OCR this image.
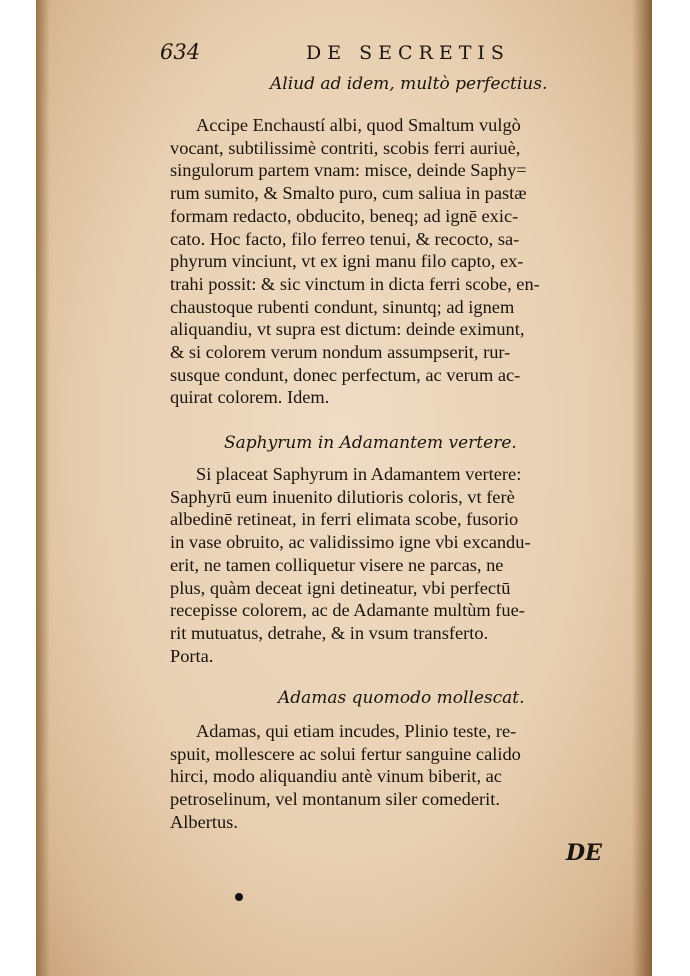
634	DE SECRETIS
Aliud ad idem, multò perfectius.
Accipe Enchaustí albi, quod Smaltum vulgò
vocant, subtilissimè contriti, scobis ferri auriuè,
singulorum partem vnam: misce, deinde Saphy=
rum sumito, & Smalto puro, cum saliua in pastæ
formam redacto, obducito, beneq; ad ignē exic-
cato. Hoc facto, filo ferreo tenui, & recocto, sa-
phyrum vinciunt, vt ex igni manu filo capto, ex-
trahi possit: & sic vinctum in dicta ferri scobe, en-
chaustoque rubenti condunt, sinuntq; ad ignem
aliquandiu, vt supra est dictum: deinde eximunt,
& si colorem verum nondum assumpserit, rur-
susque condunt, donec perfectum, ac verum ac-
quirat colorem. Idem.
Saphyrum in Adamantem vertere.
Si placeat Saphyrum in Adamantem vertere:
Saphyrū eum inuenito dilutioris coloris, vt ferè
albedinē retineat, in ferri elimata scobe, fusorio
in vase obruito, ac validissimo igne vbi excandu-
erit, ne tamen colliquetur visere ne parcas, ne
plus, quàm deceat igni detineatur, vbi perfectū
recepisse colorem, ac de Adamante multùm fue-
rit mutuatus, detrahe, & in vsum transferto.
Porta.
Adamas quomodo mollescat.
Adamas, qui etiam incudes, Plinio teste, re-
spuit, mollescere ac solui fertur sanguine calido
hirci, modo aliquandiu antè vinum biberit, ac
petroselinum, vel montanum siler comederit.
Albertus.
DE
